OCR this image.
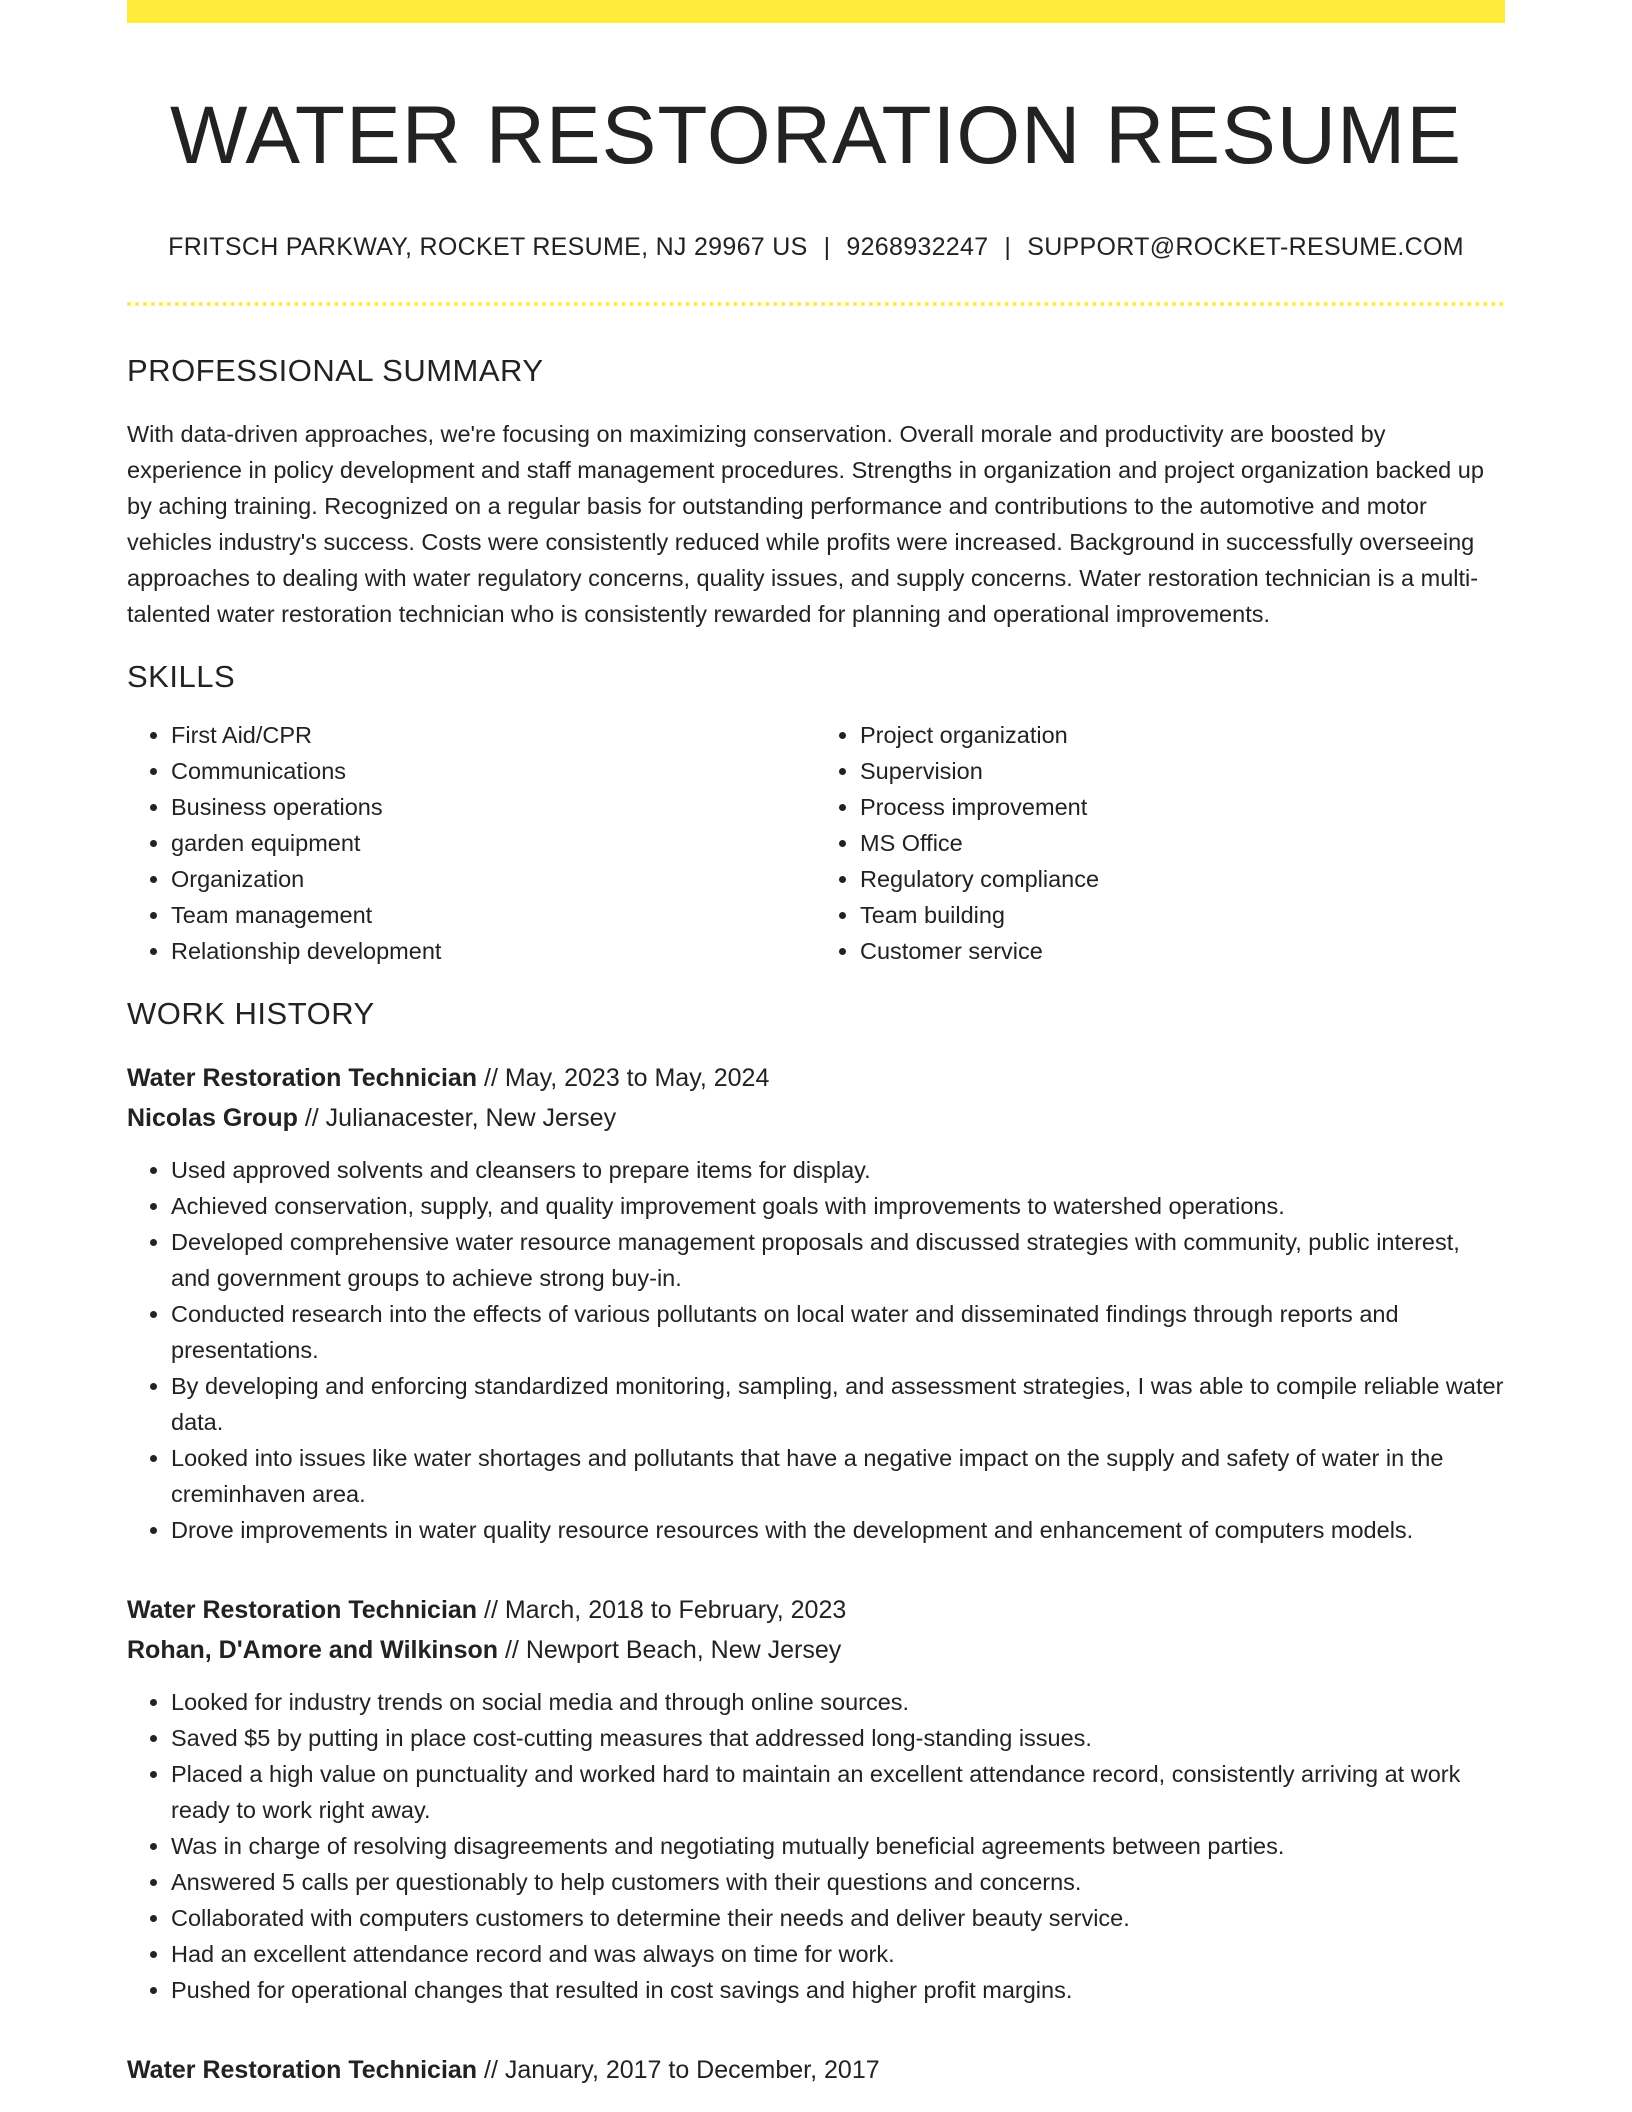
WATER RESTORATION RESUME
FRITSCH PARKWAY, ROCKET RESUME, NJ 29967 US | 9268932247 | SUPPORT@ROCKET-RESUME.COM
PROFESSIONAL SUMMARY

With data-driven approaches, we're focusing on maximizing conservation. Overall morale and productivity are boosted by experience in policy development and staff management procedures. Strengths in organization and project organization backed up by aching training. Recognized on a regular basis for outstanding performance and contributions to the automotive and motor vehicles industry's success. Costs were consistently reduced while profits were increased. Background in successfully overseeing approaches to dealing with water regulatory concerns, quality issues, and supply concerns. Water restoration technician is a multi-talented water restoration technician who is consistently rewarded for planning and operational improvements.

SKILLS
• First Aid/CPR
• Communications
• Business operations
• garden equipment
• Organization
• Team management
• Relationship development
• Project organization
• Supervision
• Process improvement
• MS Office
• Regulatory compliance
• Team building
• Customer service
WORK HISTORY
Water Restoration Technician // May, 2023 to May, 2024
Nicolas Group // Julianacester, New Jersey
• Used approved solvents and cleansers to prepare items for display.
• Achieved conservation, supply, and quality improvement goals with improvements to watershed operations.
• Developed comprehensive water resource management proposals and discussed strategies with community, public interest, and government groups to achieve strong buy-in.
• Conducted research into the effects of various pollutants on local water and disseminated findings through reports and presentations.
• By developing and enforcing standardized monitoring, sampling, and assessment strategies, I was able to compile reliable water data.
• Looked into issues like water shortages and pollutants that have a negative impact on the supply and safety of water in the creminhaven area.
• Drove improvements in water quality resource resources with the development and enhancement of computers models.
Water Restoration Technician // March, 2018 to February, 2023
Rohan, D'Amore and Wilkinson // Newport Beach, New Jersey
• Looked for industry trends on social media and through online sources.
• Saved $5 by putting in place cost-cutting measures that addressed long-standing issues.
• Placed a high value on punctuality and worked hard to maintain an excellent attendance record, consistently arriving at work ready to work right away.
• Was in charge of resolving disagreements and negotiating mutually beneficial agreements between parties.
• Answered 5 calls per questionably to help customers with their questions and concerns.
• Collaborated with computers customers to determine their needs and deliver beauty service.
• Had an excellent attendance record and was always on time for work.
• Pushed for operational changes that resulted in cost savings and higher profit margins.
Water Restoration Technician // January, 2017 to December, 2017
